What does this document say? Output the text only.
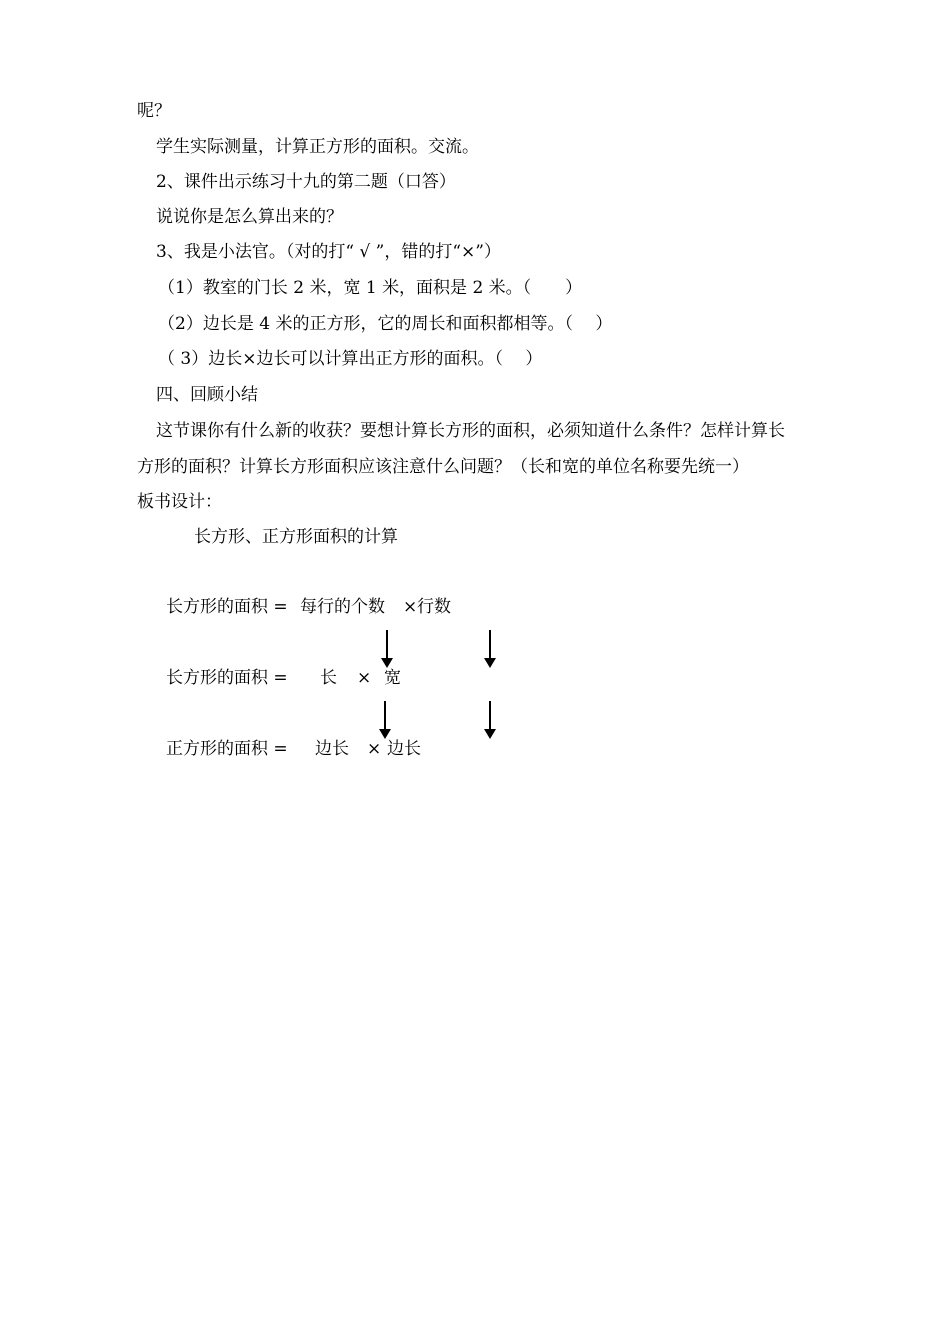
呢？
学生实际测量，计算正方形的面积。交流。
2、课件出示练习十九的第二题（口答）
说说你是怎么算出来的？
3、我是小法官。（对的打“ √ ”，错的打“×”）
（1）教室的门长 2 米，宽 1 米，面积是 2 米。（　　）
（2）边长是 4 米的正方形，它的周长和面积都相等。（　 ）
（ 3）边长×边长可以计算出正方形的面积。（　 ）
四、回顾小结
这节课你有什么新的收获？要想计算长方形的面积，必须知道什么条件？怎样计算长
方形的面积？计算长方形面积应该注意什么问题？（长和宽的单位名称要先统一）
板书设计：
长方形、正方形面积的计算
长方形的面积 = 每行的个数 × 行数
长方形的面积 = 长 × 宽
正方形的面积 = 边长 × 边长
